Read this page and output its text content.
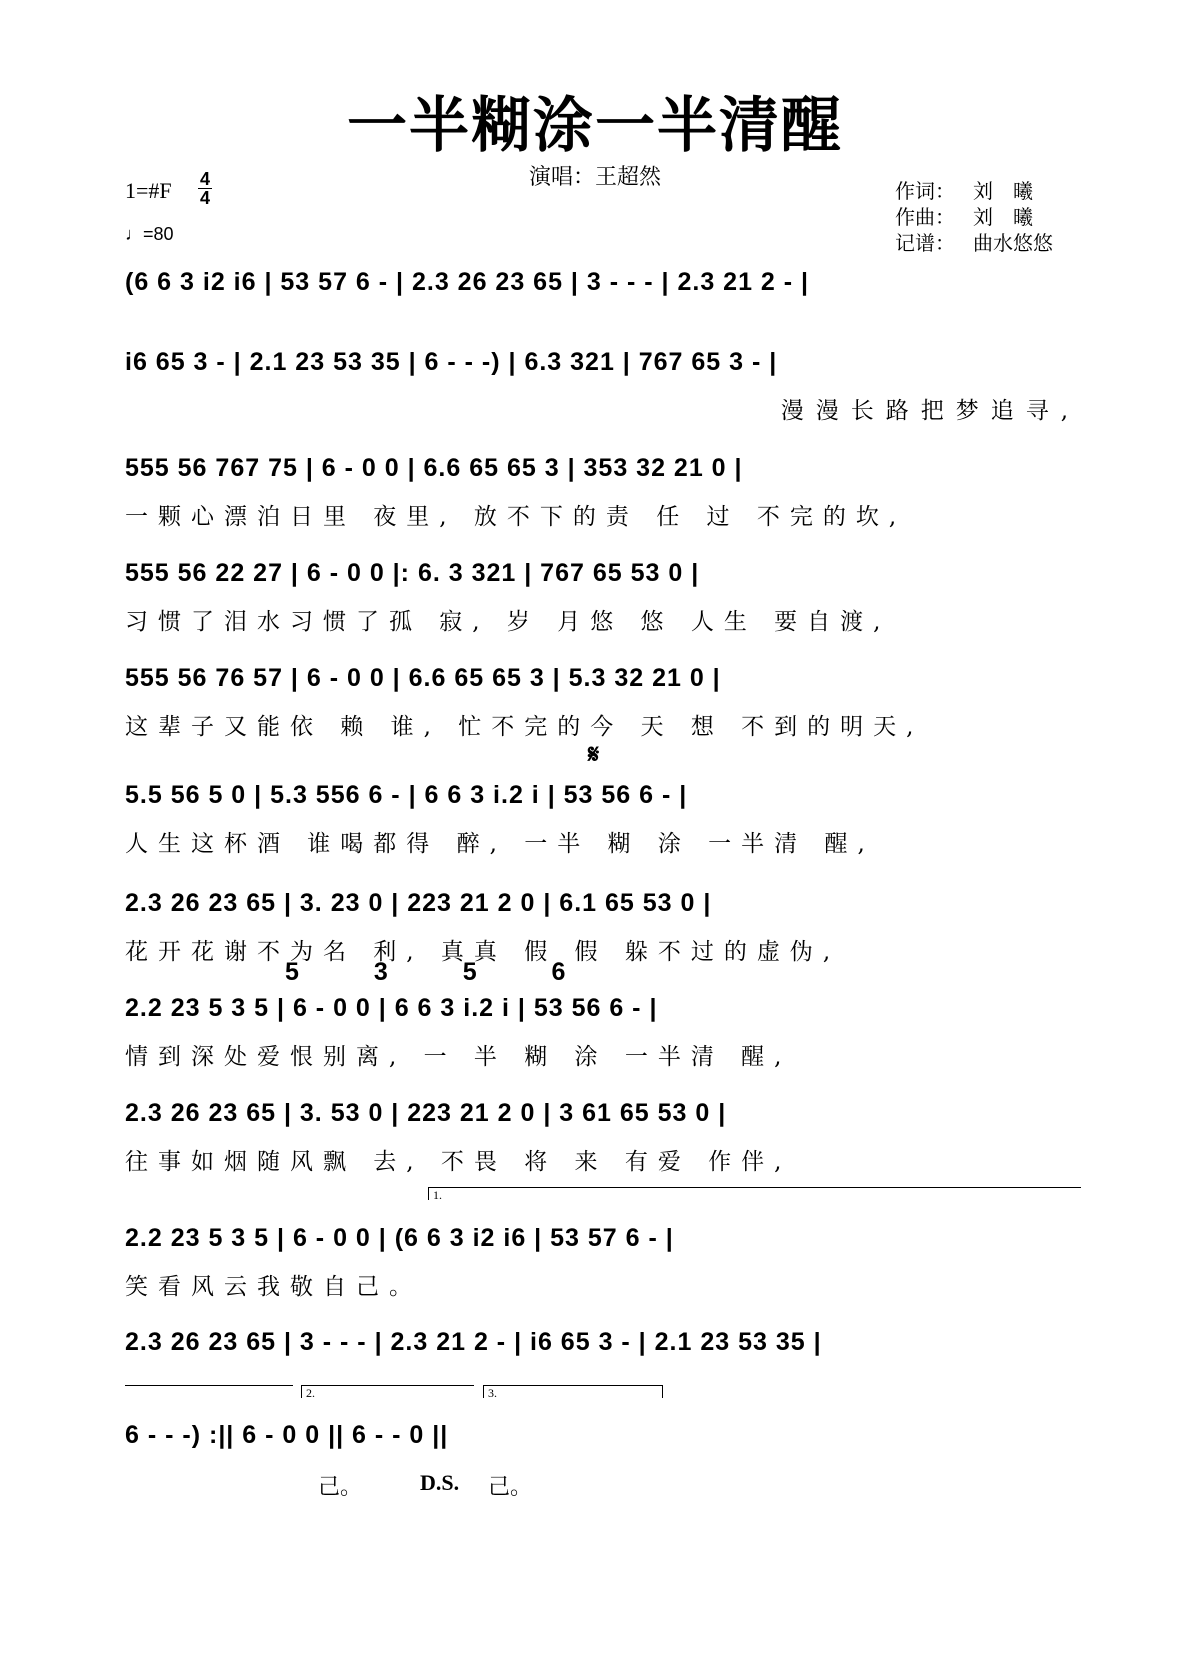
一半糊涂一半清醒
演唱：王超然
1=#F 4
4
♩=80
作词： 刘　曦
作曲： 刘　曦
记谱： 曲水悠悠
(6 6 3 i2 i6 | 53 57 6 - | 2.3 26 23 65 | 3 - - - | 2.3 21 2 - |
i6 65 3 - | 2.1 23 53 35 | 6 - - -) | 6.3 321 | 767 65 3 - |
漫漫长路把梦追寻,
555 56 767 75 | 6 - 0 0 | 6.6 65 65 3 | 353 32 21 0 |
一颗心漂泊日里 夜里, 放不下的责 任 过 不完的坎,
555 56 22 27 | 6 - 0 0 |: 6. 3 321 | 767 65 53 0 |
习惯了泪水习惯了孤 寂, 岁 月悠 悠 人生 要自渡,
555 56 76 57 | 6 - 0 0 | 6.6 65 65 3 | 5.3 32 21 0 |
这辈子又能依 赖 谁, 忙不完的今 天 想 不到的明天,
𝄋
5.5 56 5 0 | 5.3 556 6 - | 6 6 3 i.2 i | 53 56 6 - |
人生这杯酒 谁喝都得 醉, 一半 糊 涂 一半清 醒,
2.3 26 23 65 | 3. 23 0 | 223 21 2 0 | 6.1 65 53 0 |
花开花谢不为名 利, 真真 假 假 躲不过的虚伪,
5 3 5 6
2.2 23 5 3 5 | 6 - 0 0 | 6 6 3 i.2 i | 53 56 6 - |
情到深处爱恨别离, 一 半 糊 涂 一半清 醒,
2.3 26 23 65 | 3. 53 0 | 223 21 2 0 | 3 61 65 53 0 |
往事如烟随风飘 去, 不畏 将 来 有爱 作伴,
1.
2.2 23 5 3 5 | 6 - 0 0 | (6 6 3 i2 i6 | 53 57 6 - |
笑看风云我敬自己。
2.3 26 23 65 | 3 - - - | 2.3 21 2 - | i6 65 3 - | 2.1 23 53 35 |
2.	3.
6 - - -) :|| 6 - 0 0 || 6 - - 0 ||
己。	D.S. 己。
